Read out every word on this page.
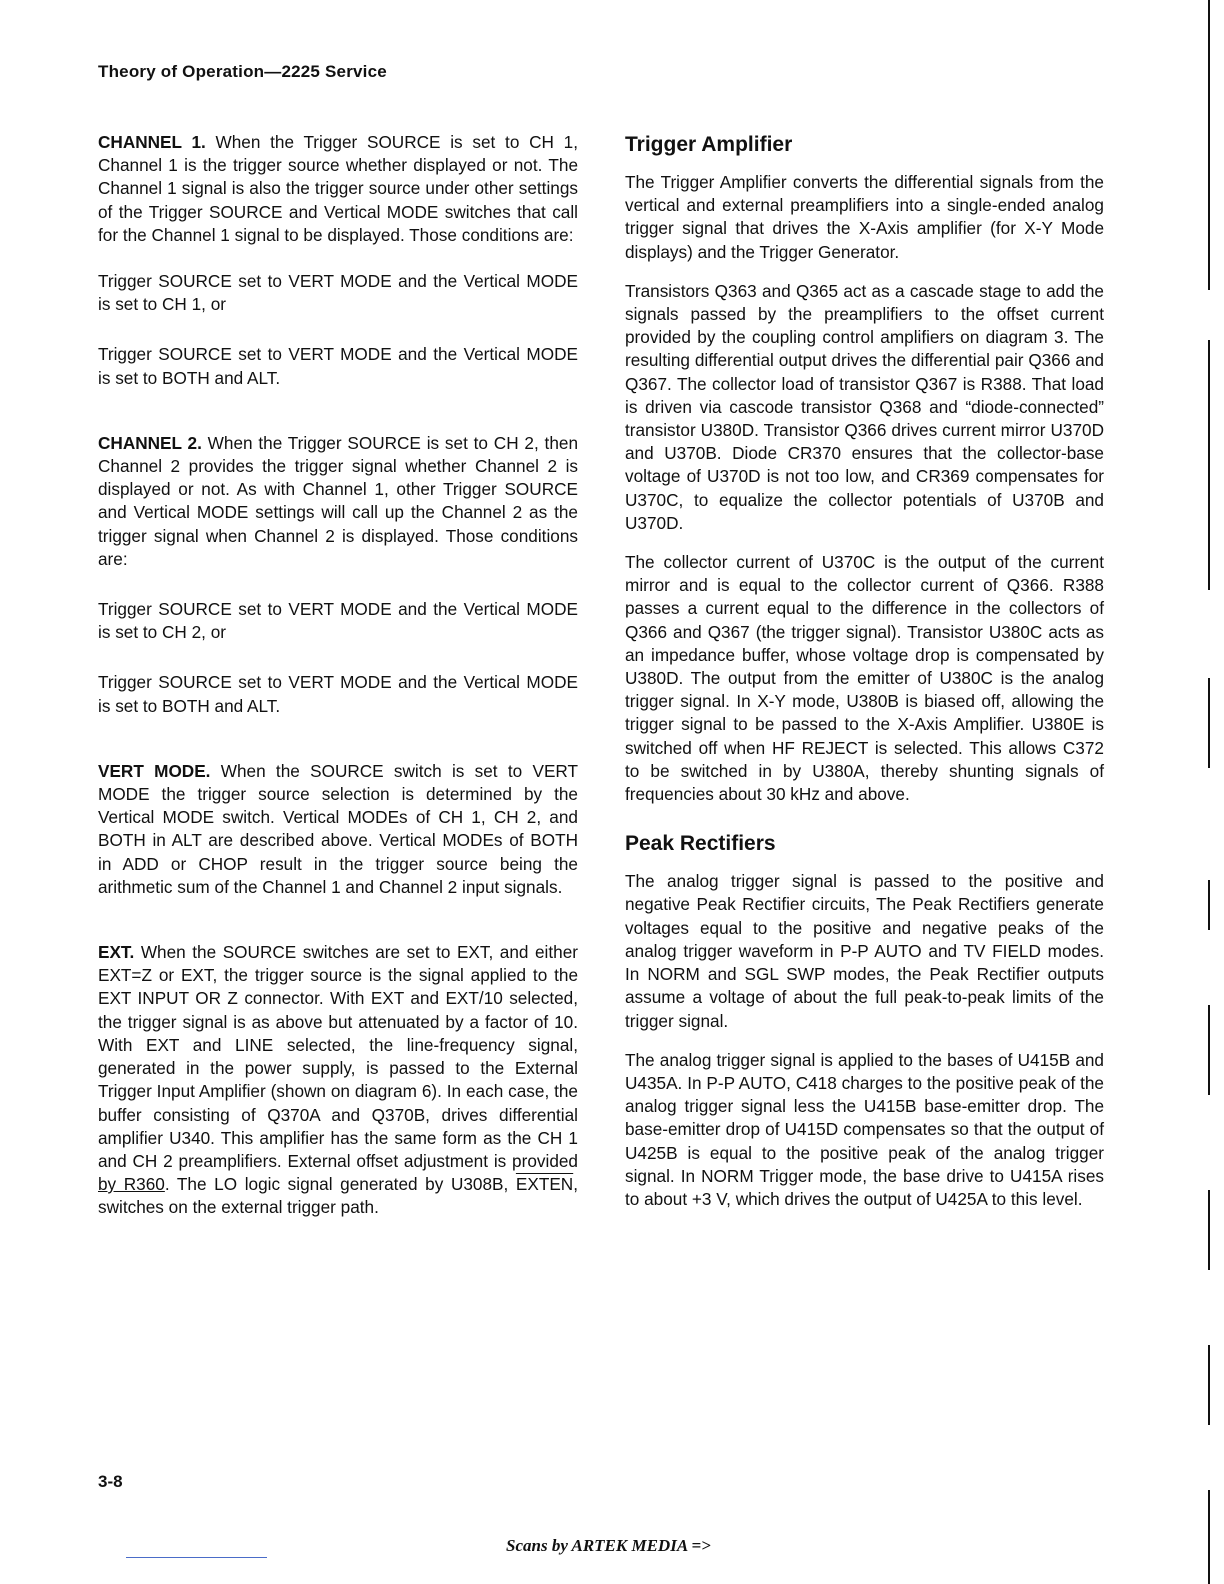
Theory of Operation—2225 Service

CHANNEL 1. When the Trigger SOURCE is set to CH 1, Channel 1 is the trigger source whether displayed or not. The Channel 1 signal is also the trigger source under other settings of the Trigger SOURCE and Vertical MODE switches that call for the Channel 1 signal to be displayed. Those conditions are:

Trigger SOURCE set to VERT MODE and the Vertical MODE is set to CH 1, or

Trigger SOURCE set to VERT MODE and the Vertical MODE is set to BOTH and ALT.

CHANNEL 2. When the Trigger SOURCE is set to CH 2, then Channel 2 provides the trigger signal whether Channel 2 is displayed or not. As with Channel 1, other Trigger SOURCE and Vertical MODE settings will call up the Channel 2 as the trigger signal when Channel 2 is displayed. Those conditions are:

Trigger SOURCE set to VERT MODE and the Vertical MODE is set to CH 2, or

Trigger SOURCE set to VERT MODE and the Vertical MODE is set to BOTH and ALT.

VERT MODE. When the SOURCE switch is set to VERT MODE the trigger source selection is determined by the Vertical MODE switch. Vertical MODEs of CH 1, CH 2, and BOTH in ALT are described above. Vertical MODEs of BOTH in ADD or CHOP result in the trigger source being the arithmetic sum of the Channel 1 and Channel 2 input signals.

EXT. When the SOURCE switches are set to EXT, and either EXT=Z or EXT, the trigger source is the signal applied to the EXT INPUT OR Z connector. With EXT and EXT/10 selected, the trigger signal is as above but attenuated by a factor of 10. With EXT and LINE selected, the line-frequency signal, generated in the power supply, is passed to the External Trigger Input Amplifier (shown on diagram 6). In each case, the buffer consisting of Q370A and Q370B, drives differential amplifier U340. This amplifier has the same form as the CH 1 and CH 2 preamplifiers. External offset adjustment is provided by R360. The LO logic signal generated by U308B, EXTEN, switches on the external trigger path.

Trigger Amplifier

The Trigger Amplifier converts the differential signals from the vertical and external preamplifiers into a single-ended analog trigger signal that drives the X-Axis amplifier (for X-Y Mode displays) and the Trigger Generator.

Transistors Q363 and Q365 act as a cascade stage to add the signals passed by the preamplifiers to the offset current provided by the coupling control amplifiers on diagram 3. The resulting differential output drives the differential pair Q366 and Q367. The collector load of transistor Q367 is R388. That load is driven via cascode transistor Q368 and “diode-connected” transistor U380D. Transistor Q366 drives current mirror U370D and U370B. Diode CR370 ensures that the collector-base voltage of U370D is not too low, and CR369 compensates for U370C, to equalize the collector potentials of U370B and U370D.

The collector current of U370C is the output of the current mirror and is equal to the collector current of Q366. R388 passes a current equal to the difference in the collectors of Q366 and Q367 (the trigger signal). Transistor U380C acts as an impedance buffer, whose voltage drop is compensated by U380D. The output from the emitter of U380C is the analog trigger signal. In X-Y mode, U380B is biased off, allowing the trigger signal to be passed to the X-Axis Amplifier. U380E is switched off when HF REJECT is selected. This allows C372 to be switched in by U380A, thereby shunting signals of frequencies about 30 kHz and above.

Peak Rectifiers

The analog trigger signal is passed to the positive and negative Peak Rectifier circuits, The Peak Rectifiers generate voltages equal to the positive and negative peaks of the analog trigger waveform in P-P AUTO and TV FIELD modes. In NORM and SGL SWP modes, the Peak Rectifier outputs assume a voltage of about the full peak-to-peak limits of the trigger signal.

The analog trigger signal is applied to the bases of U415B and U435A. In P-P AUTO, C418 charges to the positive peak of the analog trigger signal less the U415B base-emitter drop. The base-emitter drop of U415D compensates so that the output of U425B is equal to the positive peak of the analog trigger signal. In NORM Trigger mode, the base drive to U415A rises to about +3 V, which drives the output of U425A to this level.

3-8
Scans by ARTEK MEDIA =>
